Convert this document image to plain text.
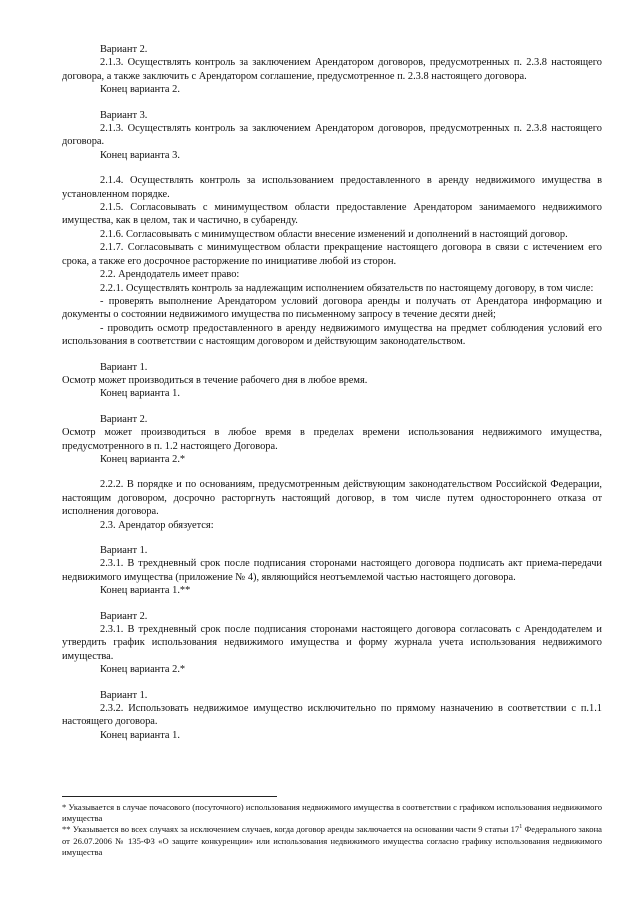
Вариант 2.

2.1.3. Осуществлять контроль за заключением Арендатором договоров, предусмотренных п. 2.3.8 настоящего договора, а также заключить с Арендатором соглашение, предусмотренное п. 2.3.8 настоящего договора.

Конец варианта 2.

Вариант 3.

2.1.3. Осуществлять контроль за заключением Арендатором договоров, предусмотренных п. 2.3.8 настоящего договора.

Конец варианта 3.

2.1.4. Осуществлять контроль за использованием предоставленного в аренду недвижимого имущества в установленном порядке.

2.1.5. Согласовывать с минимуществом области предоставление Арендатором занимаемого недвижимого имущества, как в целом, так и частично, в субаренду.

2.1.6. Согласовывать с минимуществом области внесение изменений и дополнений в настоящий договор.

2.1.7. Согласовывать с минимуществом области прекращение настоящего договора в связи с истечением его срока, а также его досрочное расторжение по инициативе любой из сторон.

2.2. Арендодатель имеет право:

2.2.1. Осуществлять контроль за надлежащим исполнением обязательств по настоящему договору, в том числе:

- проверять выполнение Арендатором условий договора аренды и получать от Арендатора информацию и документы о состоянии недвижимого имущества по письменному запросу в течение десяти дней;

- проводить осмотр предоставленного в аренду недвижимого имущества на предмет соблюдения условий его использования в соответствии с настоящим договором и действующим законодательством.

Вариант 1.

Осмотр может производиться в течение рабочего дня в любое время.

Конец варианта 1.

Вариант 2.

Осмотр может производиться в любое время в пределах времени использования недвижимого имущества, предусмотренного в п. 1.2 настоящего Договора.

Конец варианта 2.*

2.2.2. В порядке и по основаниям, предусмотренным действующим законодательством Российской Федерации, настоящим договором, досрочно расторгнуть настоящий договор, в том числе путем одностороннего отказа от исполнения договора.

2.3. Арендатор обязуется:

Вариант 1.

2.3.1. В трехдневный срок после подписания сторонами настоящего договора подписать акт приема-передачи недвижимого имущества (приложение № 4), являющийся неотъемлемой частью настоящего договора.

Конец варианта 1.**

Вариант 2.

2.3.1. В трехдневный срок после подписания сторонами настоящего договора согласовать с Арендодателем и утвердить график использования недвижимого имущества и форму журнала учета использования недвижимого имущества.

Конец варианта 2.*

Вариант 1.

2.3.2. Использовать недвижимое имущество исключительно по прямому назначению в соответствии с п.1.1 настоящего договора.

Конец варианта 1.

* Указывается в случае почасового (посуточного) использования недвижимого имущества в соответствии с графиком использования недвижимого имущества

** Указывается во всех случаях за исключением случаев, когда договор аренды заключается на основании части 9 статьи $17^1$ Федерального закона от 26.07.2006 № 135-ФЗ «О защите конкуренции» или использования недвижимого имущества согласно графику использования недвижимого имущества
